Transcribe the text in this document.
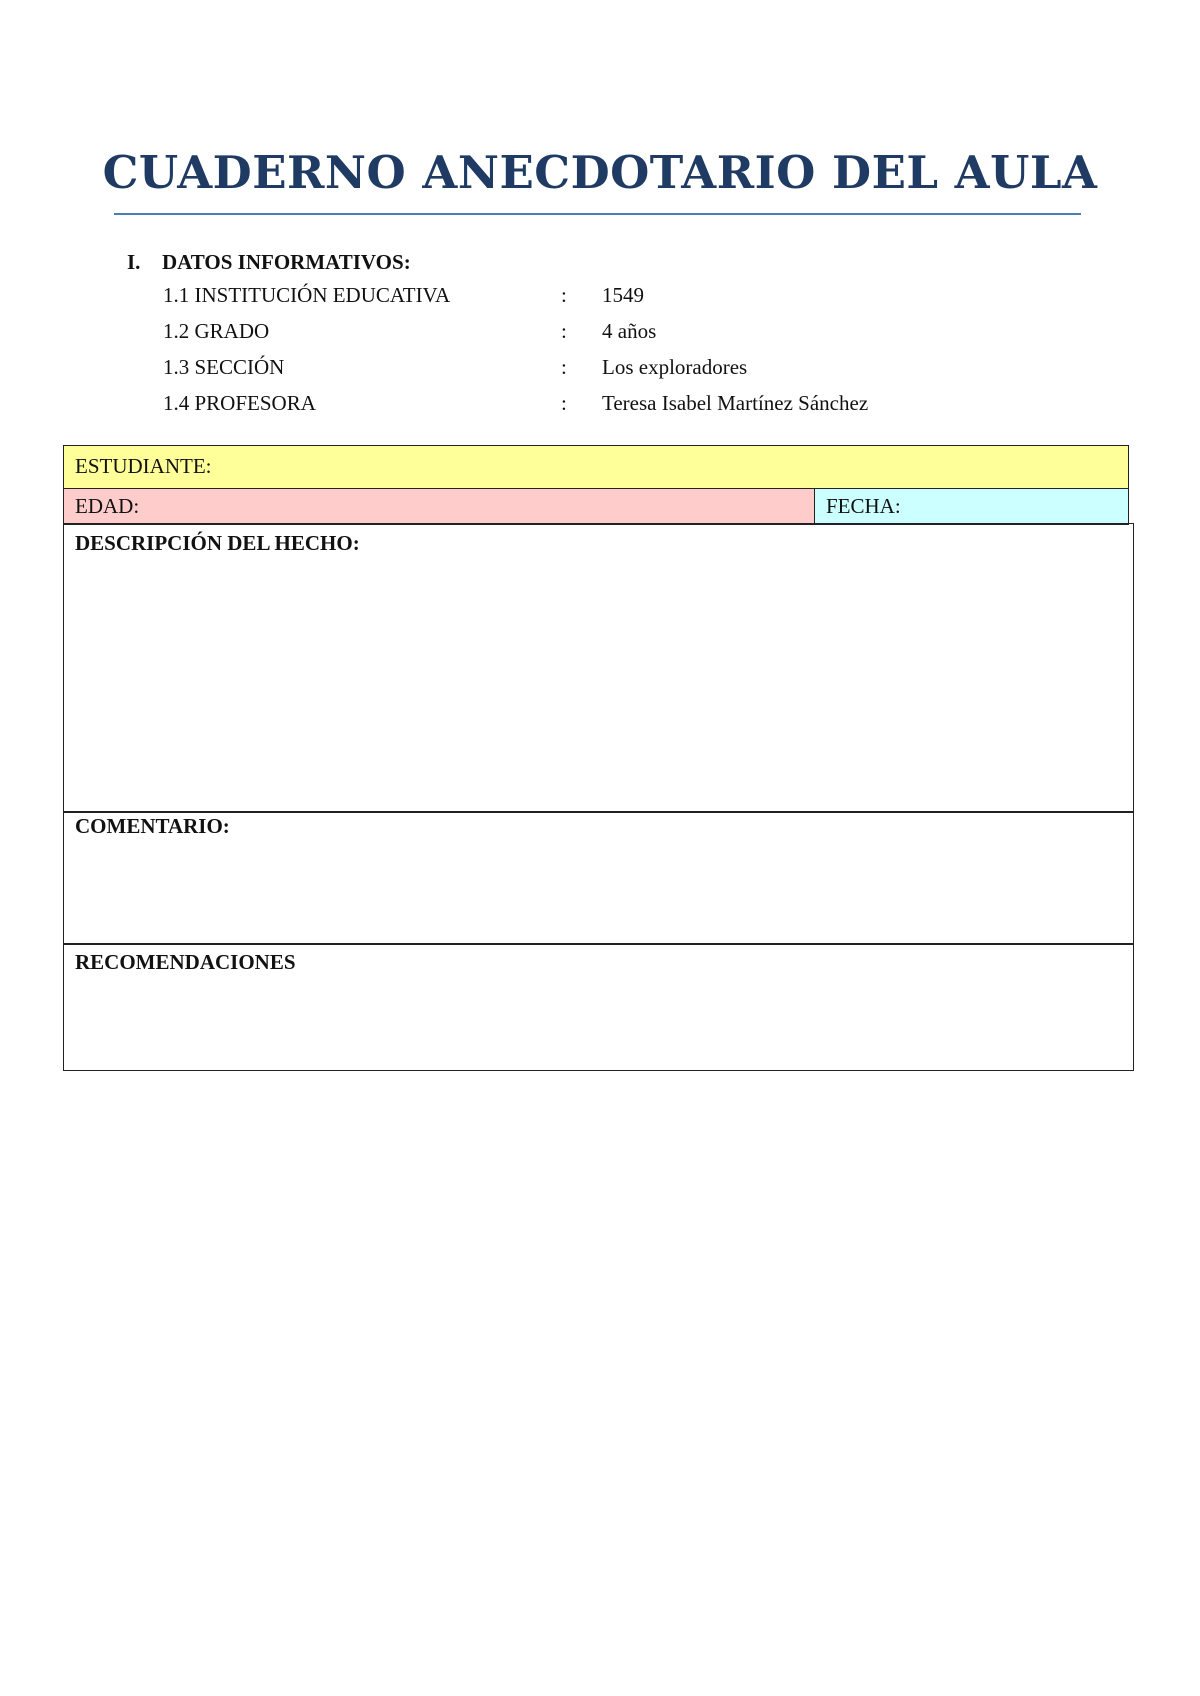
CUADERNO ANECDOTARIO DEL AULA
I. DATOS INFORMATIVOS:
1.1 INSTITUCIÓN EDUCATIVA	: 1549
1.2 GRADO	: 4 años
1.3 SECCIÓN	: Los exploradores
1.4 PROFESORA	: Teresa Isabel Martínez Sánchez
ESTUDIANTE:
EDAD:	FECHA:
DESCRIPCIÓN DEL HECHO:
COMENTARIO:
RECOMENDACIONES
